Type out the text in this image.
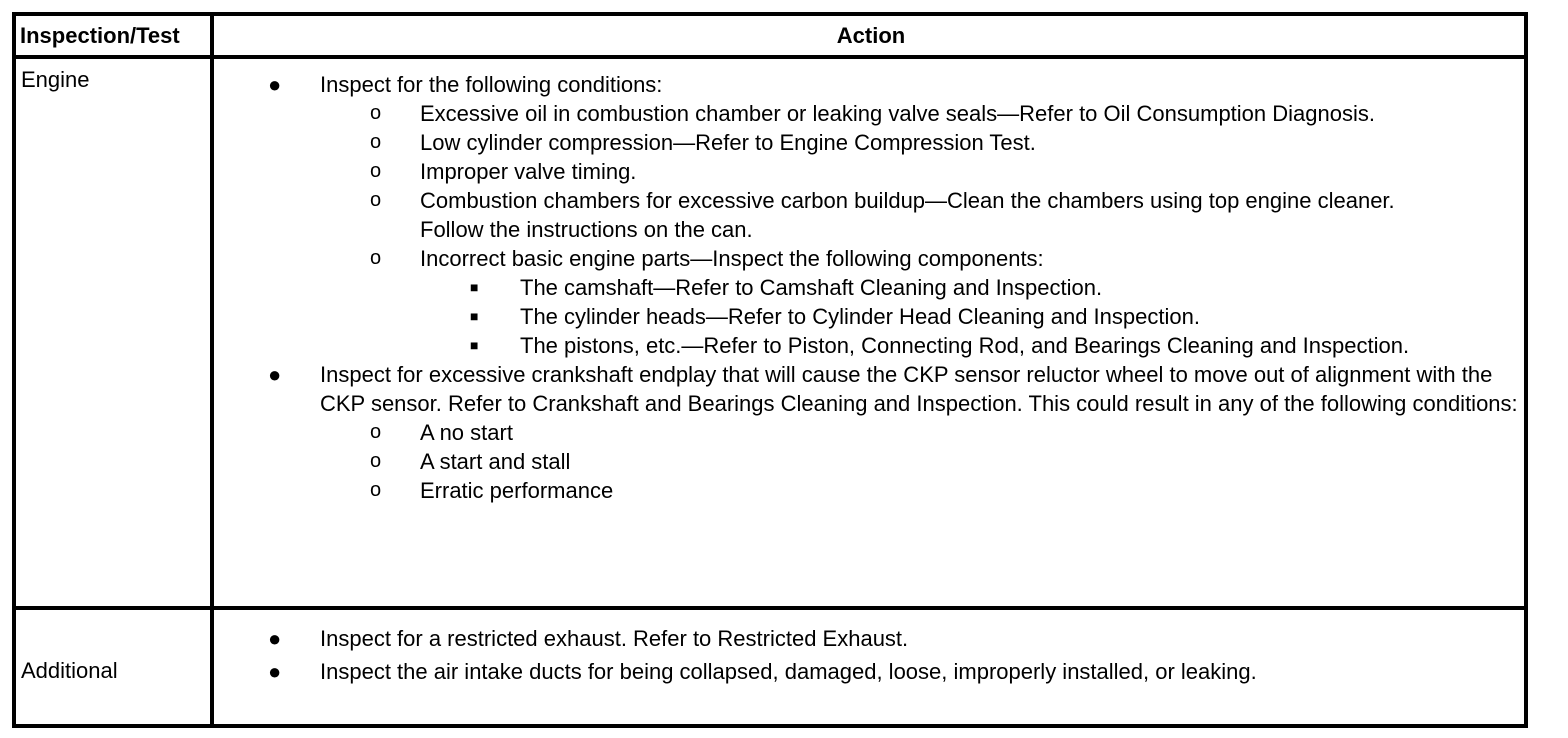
Inspection/Test	Action
Engine	● Inspect for the following conditions:
o Excessive oil in combustion chamber or leaking valve seals—Refer to Oil Consumption Diagnosis.
o Low cylinder compression—Refer to Engine Compression Test.
o Improper valve timing.
o Combustion chambers for excessive carbon buildup—Clean the chambers using top engine cleaner. Follow the instructions on the can.
o Incorrect basic engine parts—Inspect the following components:
■ The camshaft—Refer to Camshaft Cleaning and Inspection.
■ The cylinder heads—Refer to Cylinder Head Cleaning and Inspection.
■ The pistons, etc.—Refer to Piston, Connecting Rod, and Bearings Cleaning and Inspection.
● Inspect for excessive crankshaft endplay that will cause the CKP sensor reluctor wheel to move out of alignment with the CKP sensor. Refer to Crankshaft and Bearings Cleaning and Inspection. This could result in any of the following conditions:
o A no start
o A start and stall
o Erratic performance
Additional
● Inspect for a restricted exhaust. Refer to Restricted Exhaust.
● Inspect the air intake ducts for being collapsed, damaged, loose, improperly installed, or leaking.
